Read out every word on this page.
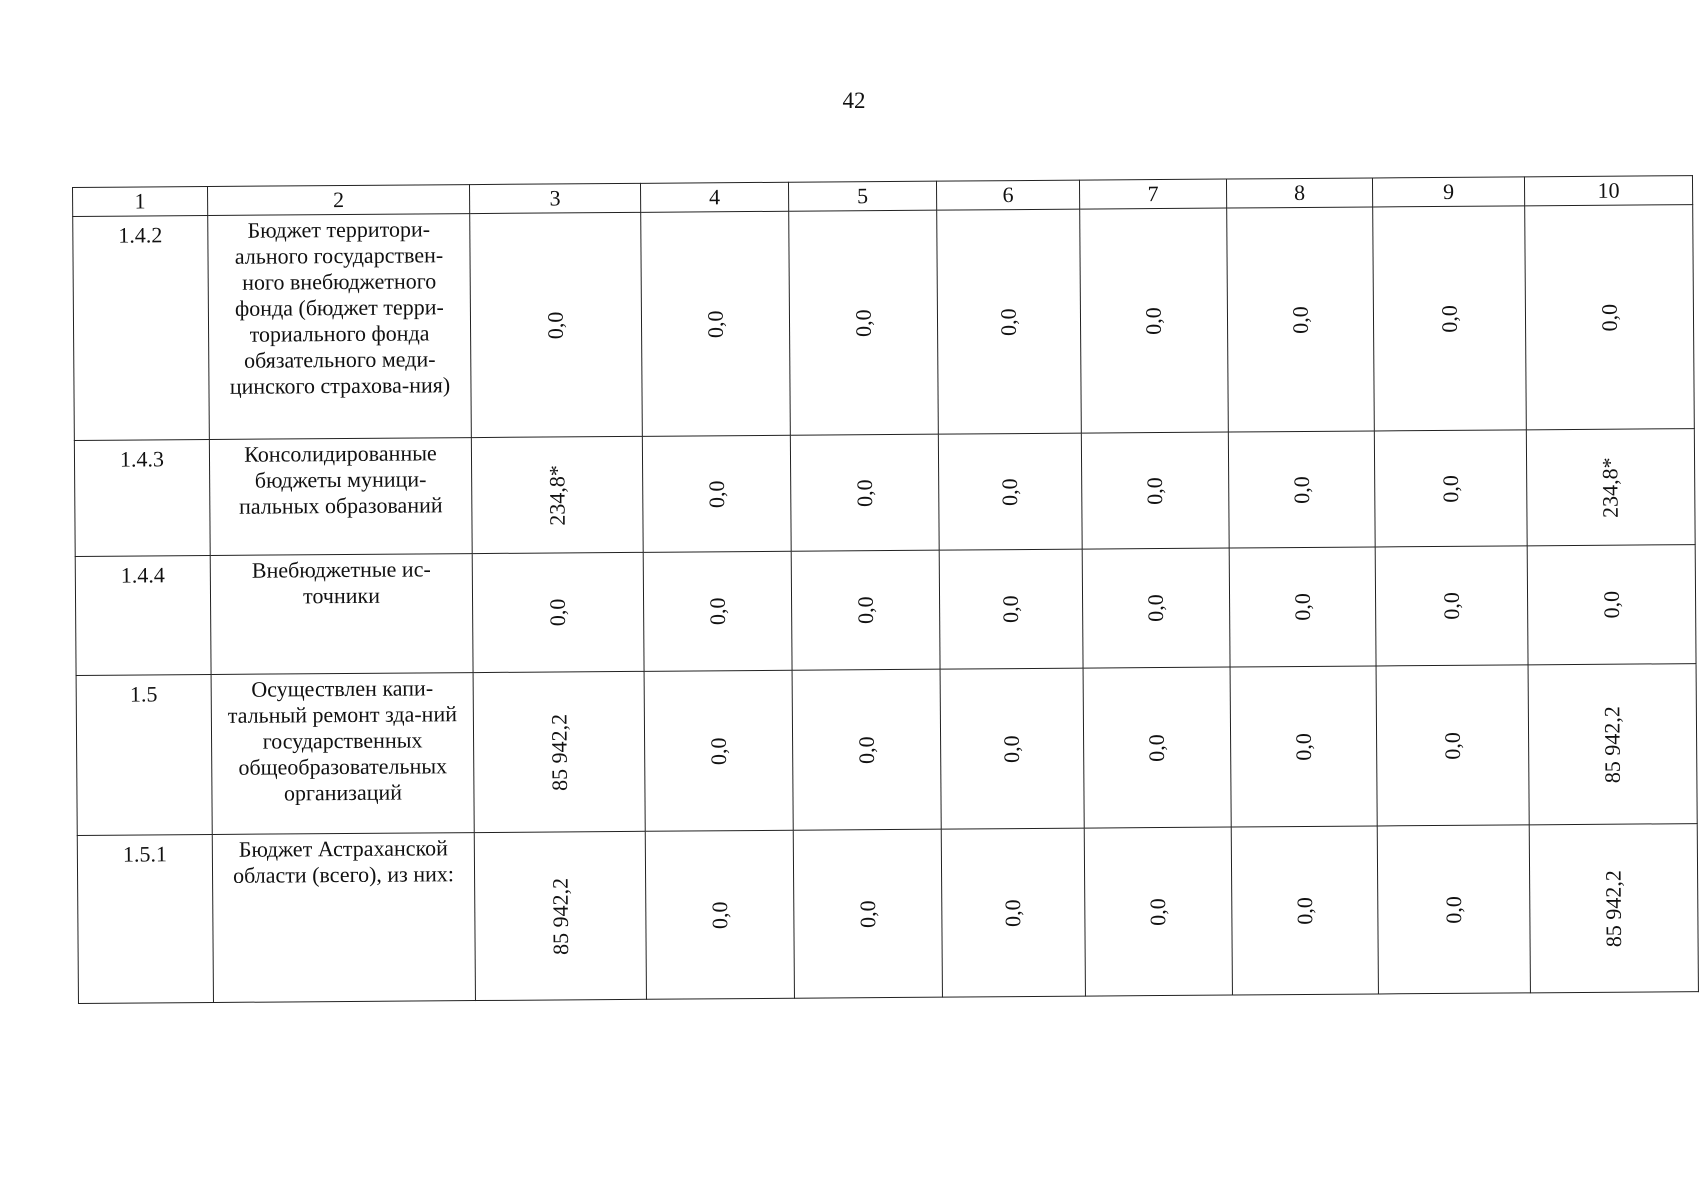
42
1	2	3	4	5	6	7	8	9	10
1.4.2	Бюджет территори-ального государствен-ного внебюджетного фонда (бюджет терри-ториального фонда обязательного меди-цинского страхова-ния)	0,0	0,0	0,0	0,0	0,0	0,0	0,0	0,0
1.4.3	Консолидированные бюджеты муници-пальных образований	234,8*	0,0	0,0	0,0	0,0	0,0	0,0	234,8*
1.4.4	Внебюджетные ис-точники	0,0	0,0	0,0	0,0	0,0	0,0	0,0	0,0
1.5	Осуществлен капи-тальный ремонт зда-ний государственных общеобразовательных организаций	85 942,2	0,0	0,0	0,0	0,0	0,0	0,0	85 942,2
1.5.1	Бюджет Астраханской области (всего), из них:	85 942,2	0,0	0,0	0,0	0,0	0,0	0,0	85 942,2
